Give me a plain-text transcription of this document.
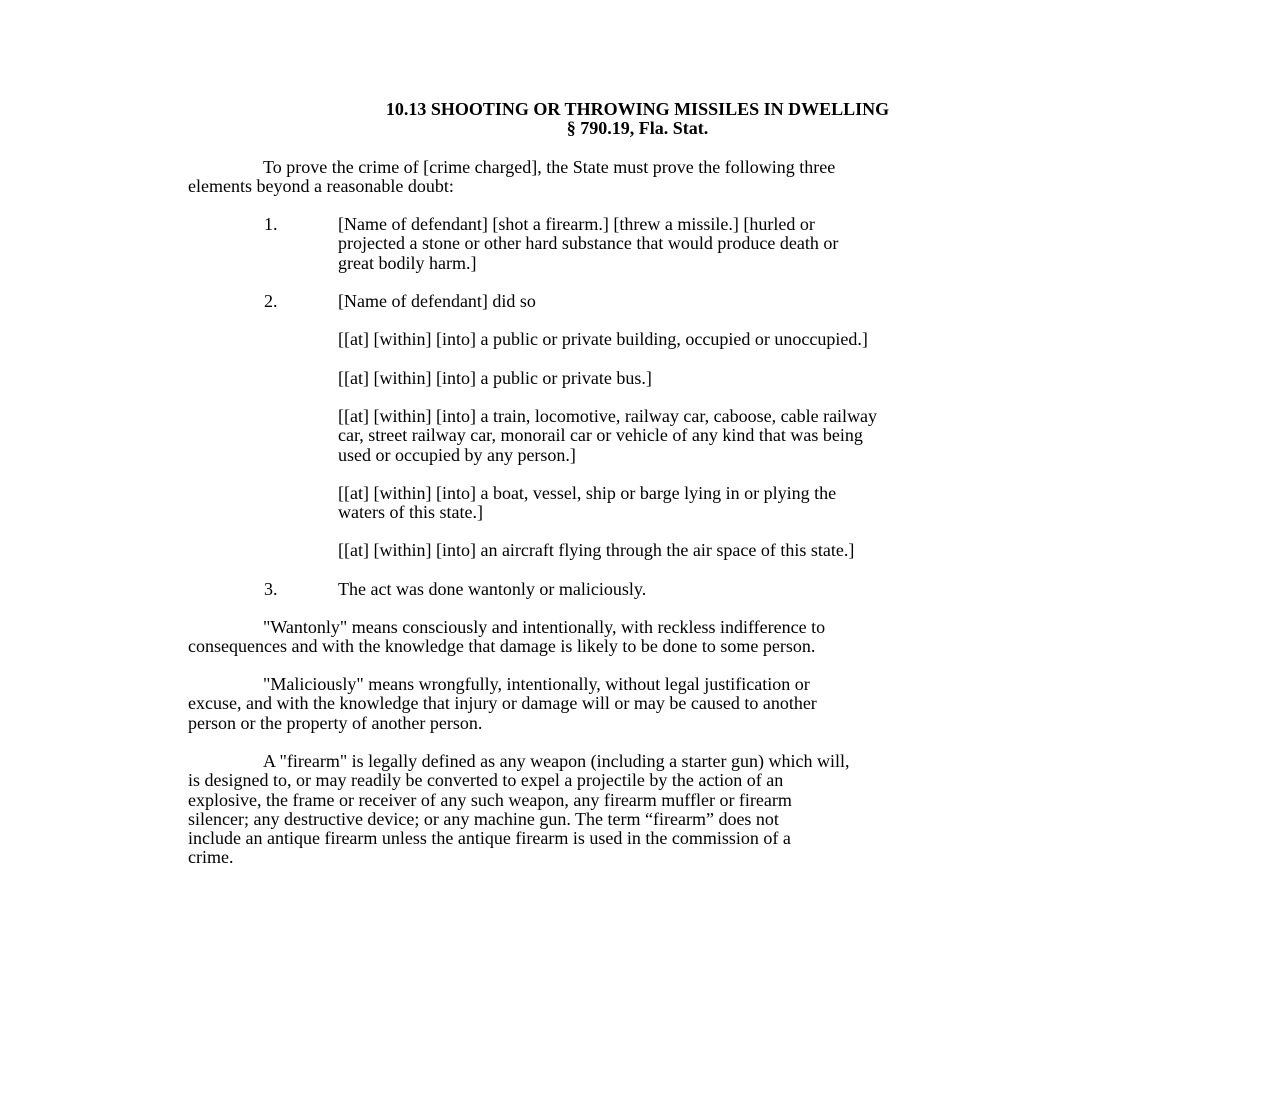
10.13 SHOOTING OR THROWING MISSILES IN DWELLING
§ 790.19, Fla. Stat.
To prove the crime of [crime charged], the State must prove the following three
elements beyond a reasonable doubt:
1.	[Name of defendant] [shot a firearm.] [threw a missile.] [hurled or
projected a stone or other hard substance that would produce death or
great bodily harm.]
2.	[Name of defendant] did so
[[at] [within] [into] a public or private building, occupied or unoccupied.]
[[at] [within] [into] a public or private bus.]
[[at] [within] [into] a train, locomotive, railway car, caboose, cable railway
car, street railway car, monorail car or vehicle of any kind that was being
used or occupied by any person.]
[[at] [within] [into] a boat, vessel, ship or barge lying in or plying the
waters of this state.]
[[at] [within] [into] an aircraft flying through the air space of this state.]
3.	The act was done wantonly or maliciously.
"Wantonly" means consciously and intentionally, with reckless indifference to
consequences and with the knowledge that damage is likely to be done to some person.
"Maliciously" means wrongfully, intentionally, without legal justification or
excuse, and with the knowledge that injury or damage will or may be caused to another
person or the property of another person.
A "firearm" is legally defined as any weapon (including a starter gun) which will,
is designed to, or may readily be converted to expel a projectile by the action of an
explosive, the frame or receiver of any such weapon, any firearm muffler or firearm
silencer; any destructive device; or any machine gun. The term “firearm” does not
include an antique firearm unless the antique firearm is used in the commission of a
crime.
